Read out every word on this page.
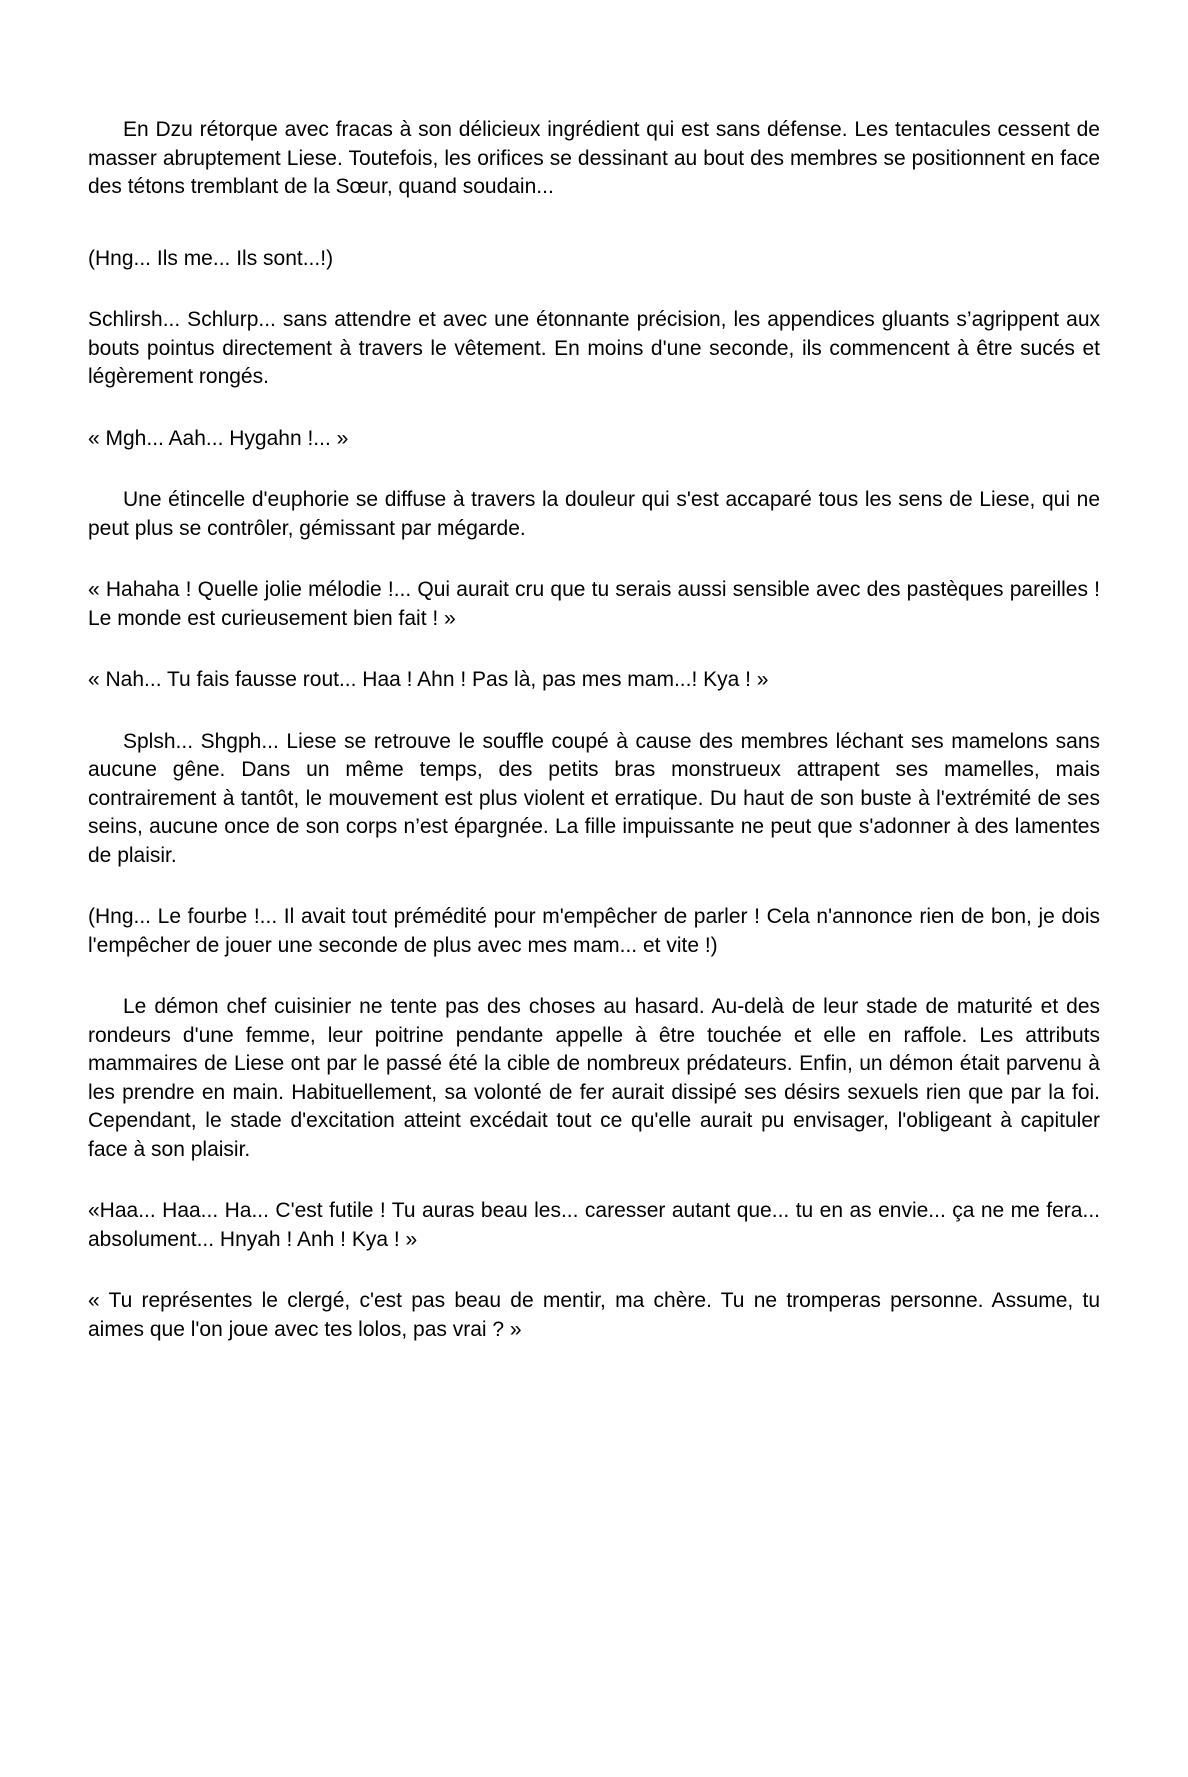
En Dzu rétorque avec fracas à son délicieux ingrédient qui est sans défense. Les tentacules cessent de masser abruptement Liese. Toutefois, les orifices se dessinant au bout des membres se positionnent en face des tétons tremblant de la Sœur, quand soudain...

(Hng... Ils me... Ils sont...!)

Schlirsh... Schlurp... sans attendre et avec une étonnante précision, les appendices gluants s’agrippent aux bouts pointus directement à travers le vêtement. En moins d'une seconde, ils commencent à être sucés et légèrement rongés.

« Mgh... Aah... Hygahn !... »

Une étincelle d'euphorie se diffuse à travers la douleur qui s'est accaparé tous les sens de Liese, qui ne peut plus se contrôler, gémissant par mégarde.

« Hahaha ! Quelle jolie mélodie !... Qui aurait cru que tu serais aussi sensible avec des pastèques pareilles ! Le monde est curieusement bien fait ! »

« Nah... Tu fais fausse rout... Haa ! Ahn ! Pas là, pas mes mam...! Kya ! »

Splsh... Shgph... Liese se retrouve le souffle coupé à cause des membres léchant ses mamelons sans aucune gêne. Dans un même temps, des petits bras monstrueux attrapent ses mamelles, mais contrairement à tantôt, le mouvement est plus violent et erratique. Du haut de son buste à l'extrémité de ses seins, aucune once de son corps n’est épargnée. La fille impuissante ne peut que s'adonner à des lamentes de plaisir.

(Hng... Le fourbe !... Il avait tout prémédité pour m'empêcher de parler ! Cela n'annonce rien de bon, je dois l'empêcher de jouer une seconde de plus avec mes mam... et vite !)

Le démon chef cuisinier ne tente pas des choses au hasard. Au-delà de leur stade de maturité et des rondeurs d'une femme, leur poitrine pendante appelle à être touchée et elle en raffole. Les attributs mammaires de Liese ont par le passé été la cible de nombreux prédateurs. Enfin, un démon était parvenu à les prendre en main. Habituellement, sa volonté de fer aurait dissipé ses désirs sexuels rien que par la foi. Cependant, le stade d'excitation atteint excédait tout ce qu'elle aurait pu envisager, l'obligeant à capituler face à son plaisir.

«Haa... Haa... Ha... C'est futile ! Tu auras beau les... caresser autant que... tu en as envie... ça ne me fera... absolument... Hnyah ! Anh ! Kya ! »

« Tu représentes le clergé, c'est pas beau de mentir, ma chère. Tu ne tromperas personne. Assume, tu aimes que l'on joue avec tes lolos, pas vrai ? »
